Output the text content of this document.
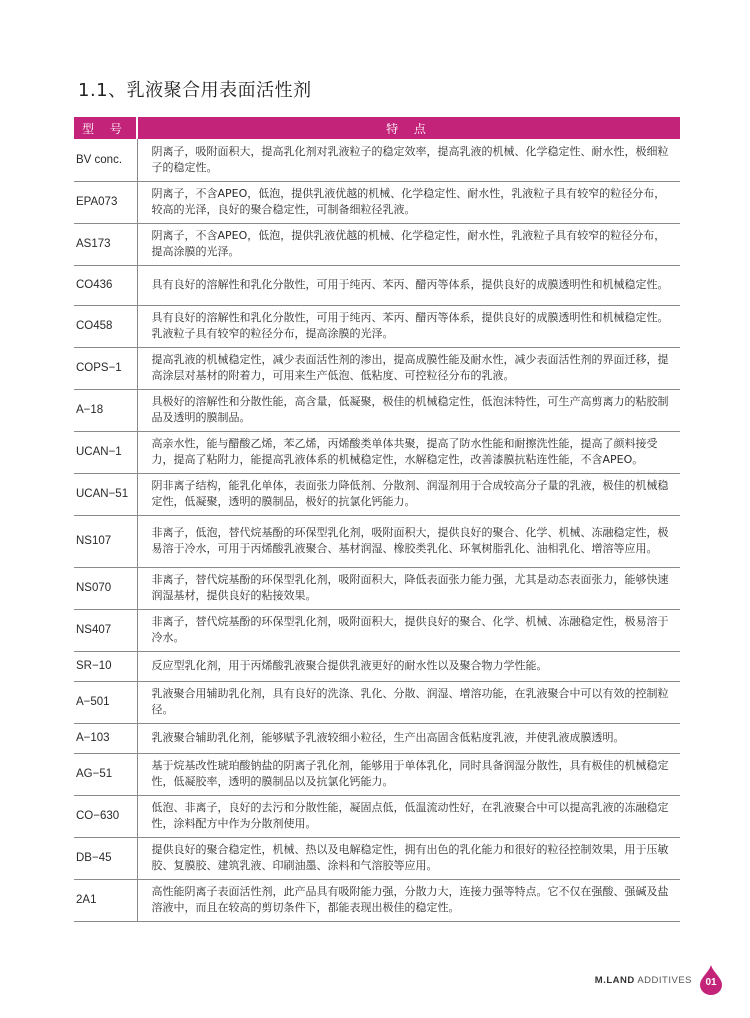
1.1、乳液聚合用表面活性剂
型 号	特 点
BV conc.	阴离子，吸附面积大，提高乳化剂对乳液粒子的稳定效率，提高乳液的机械、化学稳定性、耐水性，极细粒子的稳定性。
EPA073	阴离子，不含APEO，低泡，提供乳液优越的机械、化学稳定性、耐水性，乳液粒子具有较窄的粒径分布，较高的光泽，良好的聚合稳定性，可制备细粒径乳液。
AS173	阴离子，不含APEO，低泡，提供乳液优越的机械、化学稳定性，耐水性，乳液粒子具有较窄的粒径分布，提高涂膜的光泽。
CO436	具有良好的溶解性和乳化分散性，可用于纯丙、苯丙、醋丙等体系，提供良好的成膜透明性和机械稳定性。
CO458	具有良好的溶解性和乳化分散性，可用于纯丙、苯丙、醋丙等体系，提供良好的成膜透明性和机械稳定性。乳液粒子具有较窄的粒径分布，提高涂膜的光泽。
COPS−1	提高乳液的机械稳定性，减少表面活性剂的渗出，提高成膜性能及耐水性，减少表面活性剂的界面迁移，提高涂层对基材的附着力，可用来生产低泡、低粘度、可控粒径分布的乳液。
A−18	具极好的溶解性和分散性能，高含量，低凝聚，极佳的机械稳定性，低泡沫特性，可生产高剪离力的粘胶制品及透明的膜制品。
UCAN−1	高亲水性，能与醋酸乙烯，苯乙烯，丙烯酸类单体共聚，提高了防水性能和耐擦洗性能，提高了颜料接受力，提高了粘附力，能提高乳液体系的机械稳定性，水解稳定性，改善漆膜抗粘连性能，不含APEO。
UCAN−51	阴非离子结构，能乳化单体，表面张力降低剂、分散剂、润湿剂用于合成较高分子量的乳液，极佳的机械稳定性，低凝聚，透明的膜制品，极好的抗氯化钙能力。
NS107	非离子，低泡，替代烷基酚的环保型乳化剂，吸附面积大，提供良好的聚合、化学、机械、冻融稳定性，极易溶于冷水，可用于丙烯酸乳液聚合、基材润湿、橡胶类乳化、环氧树脂乳化、油相乳化、增溶等应用。
NS070	非离子，替代烷基酚的环保型乳化剂，吸附面积大，降低表面张力能力强，尤其是动态表面张力，能够快速润湿基材，提供良好的粘接效果。
NS407	非离子，替代烷基酚的环保型乳化剂，吸附面积大，提供良好的聚合、化学、机械、冻融稳定性，极易溶于冷水。
SR−10	反应型乳化剂，用于丙烯酸乳液聚合提供乳液更好的耐水性以及聚合物力学性能。
A−501	乳液聚合用辅助乳化剂，具有良好的洗涤、乳化、分散、润湿、增溶功能，在乳液聚合中可以有效的控制粒径。
A−103	乳液聚合辅助乳化剂，能够赋予乳液较细小粒径，生产出高固含低粘度乳液，并使乳液成膜透明。
AG−51	基于烷基改性琥珀酸钠盐的阴离子乳化剂，能够用于单体乳化，同时具备润湿分散性，具有极佳的机械稳定性，低凝胶率，透明的膜制品以及抗氯化钙能力。
CO−630	低泡、非离子，良好的去污和分散性能，凝固点低，低温流动性好，在乳液聚合中可以提高乳液的冻融稳定性，涂料配方中作为分散剂使用。
DB−45	提供良好的聚合稳定性，机械、热以及电解稳定性，拥有出色的乳化能力和很好的粒径控制效果，用于压敏胶、复膜胶、建筑乳液、印刷油墨、涂料和气溶胶等应用。
2A1	高性能阴离子表面活性剂，此产品具有吸附能力强，分散力大，连接力强等特点。它不仅在强酸、强碱及盐溶液中，而且在较高的剪切条件下，都能表现出极佳的稳定性。
M.LAND ADDITIVES	01
